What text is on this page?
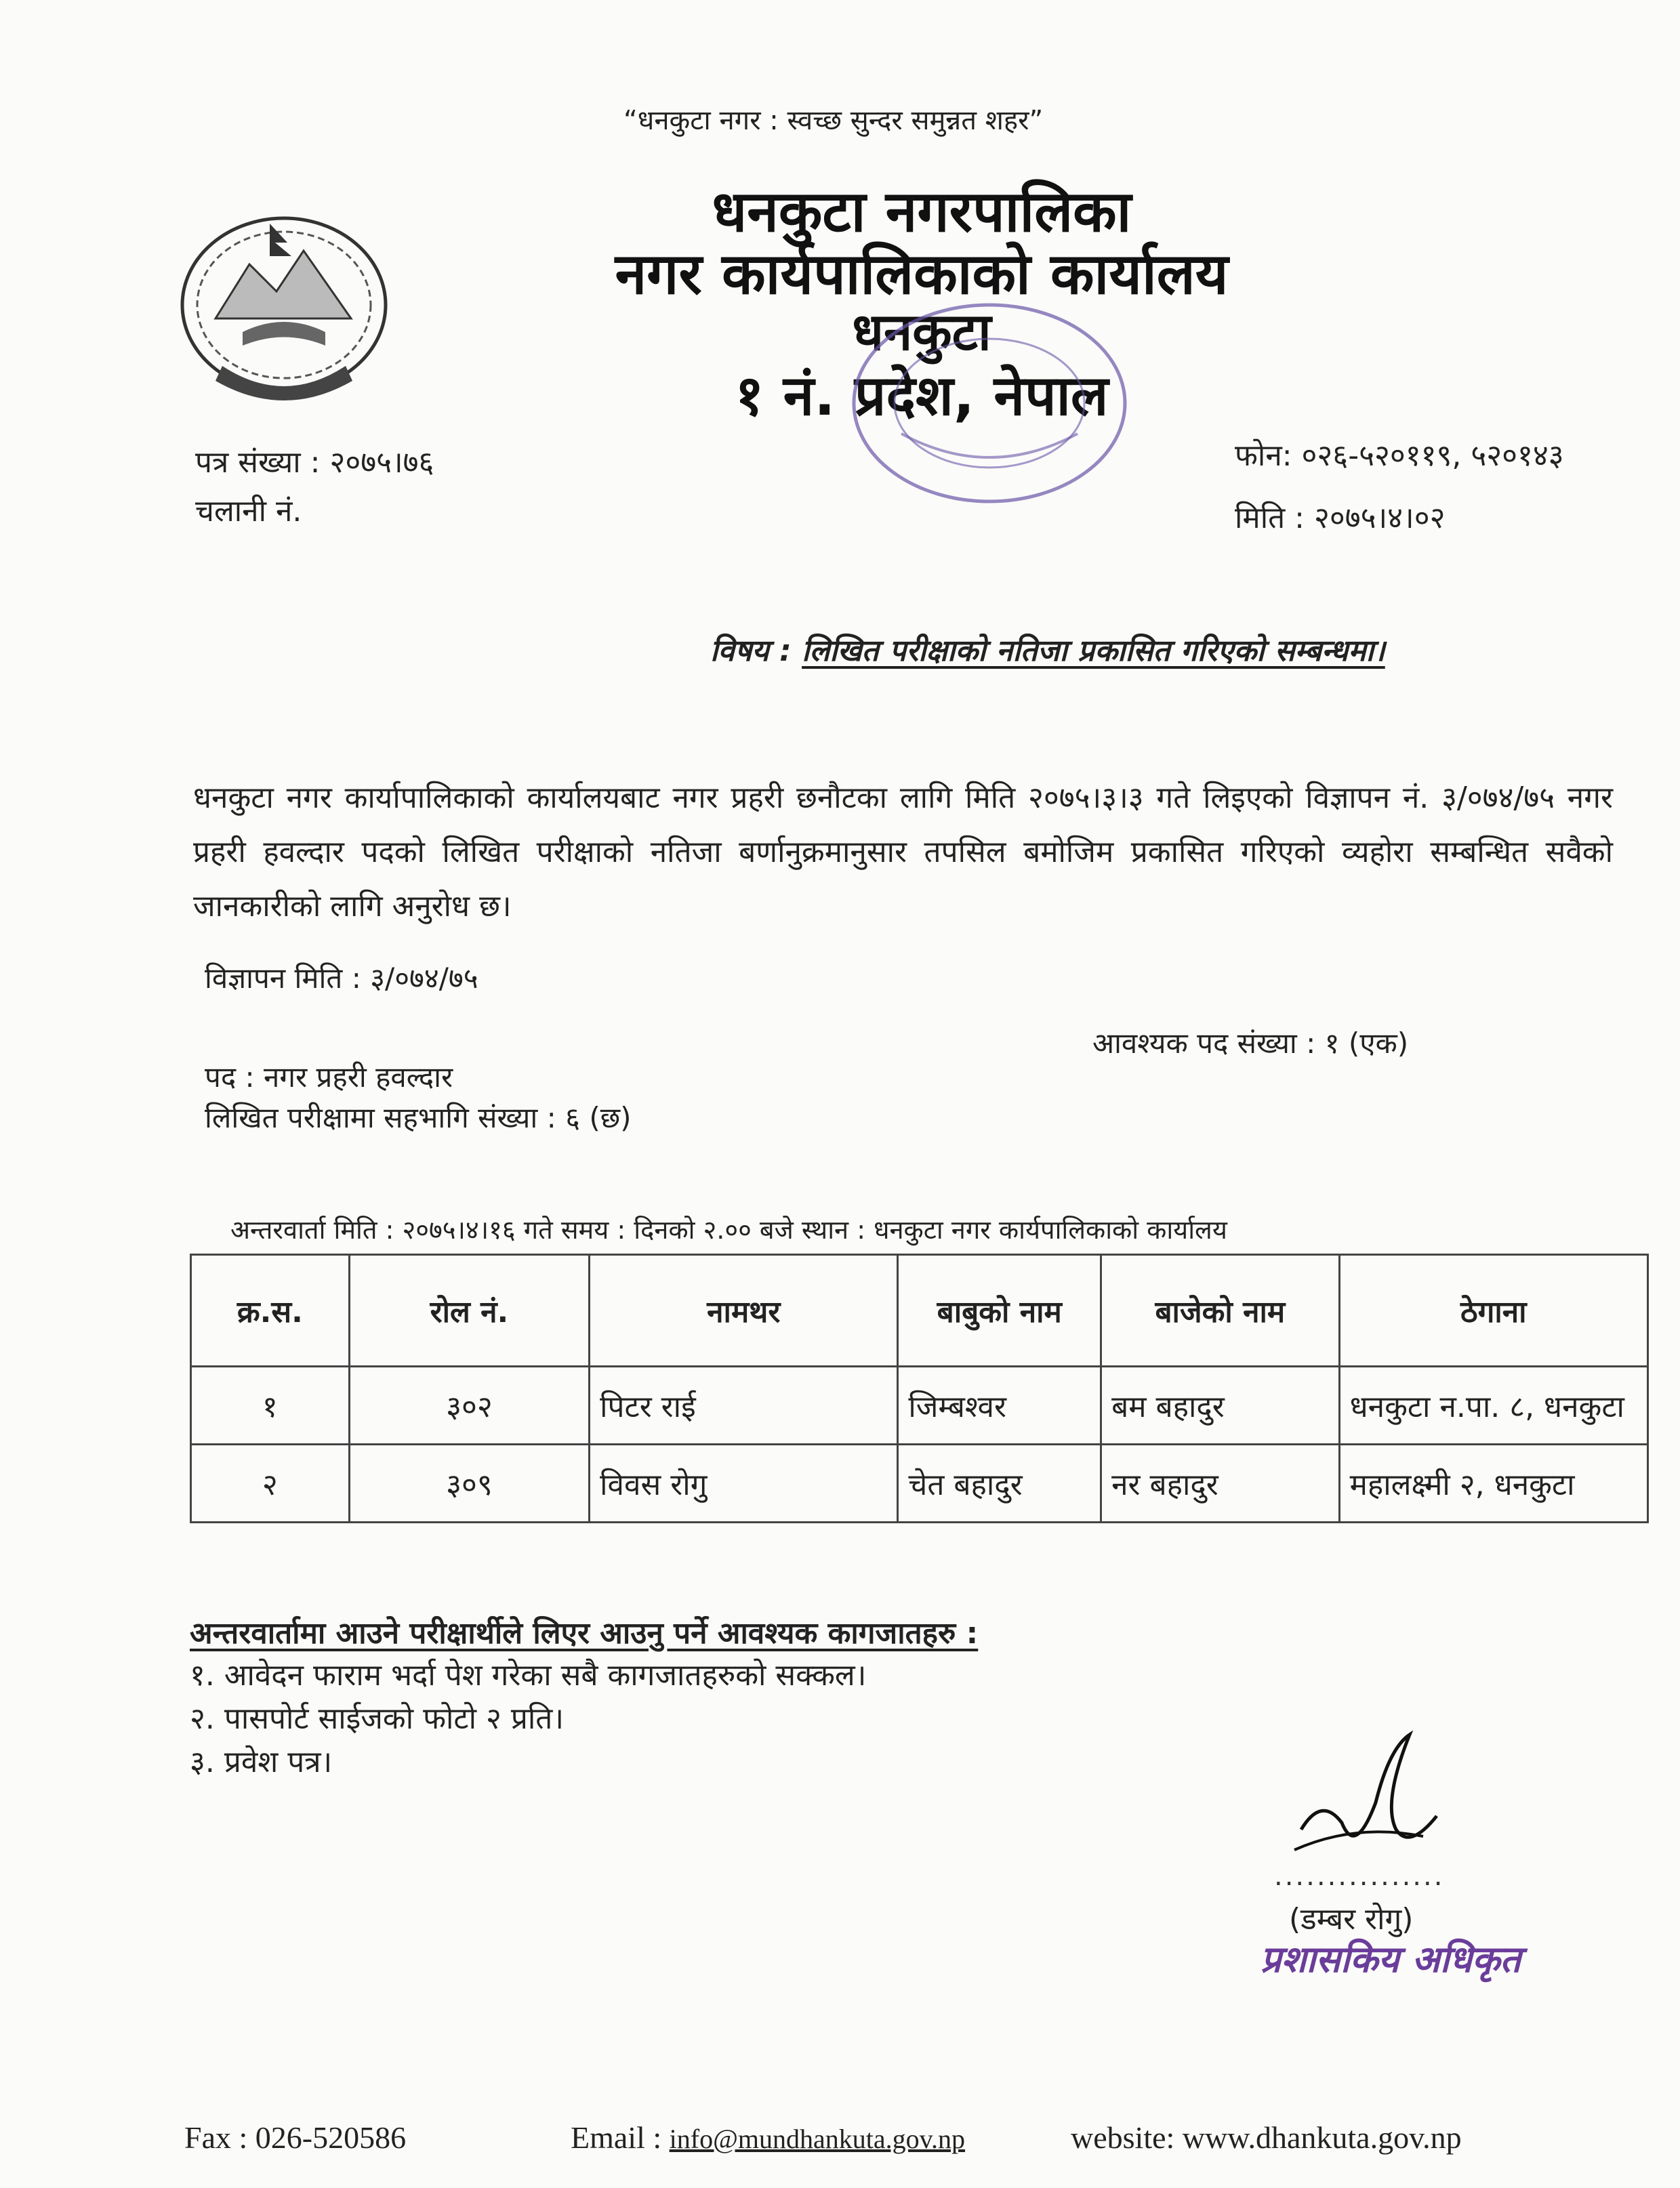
“धनकुटा नगर : स्वच्छ सुन्दर समुन्नत शहर”
धनकुटा नगरपालिका
नगर कार्यपालिकाको कार्यालय
धनकुटा
१ नं. प्रदेश, नेपाल
पत्र संख्या : २०७५।७६
चलानी नं.
फोन: ०२६-५२०११९, ५२०१४३
मिति : २०७५।४।०२
विषय : लिखित परीक्षाको नतिजा प्रकासित गरिएको सम्बन्धमा।
धनकुटा नगर कार्यापालिकाको कार्यालयबाट नगर प्रहरी छनौटका लागि मिति २०७५।३।३ गते लिइएको विज्ञापन नं. ३/०७४/७५ नगर प्रहरी हवल्दार पदको लिखित परीक्षाको नतिजा बर्णानुक्रमानुसार तपसिल बमोजिम प्रकासित गरिएको व्यहोरा सम्बन्धित सवैको जानकारीको लागि अनुरोध छ।
विज्ञापन मिति : ३/०७४/७५
आवश्यक पद संख्या : १ (एक)
पद : नगर प्रहरी हवल्दार
लिखित परीक्षामा सहभागि संख्या : ६ (छ)
अन्तरवार्ता मिति : २०७५।४।१६ गते समय : दिनको २.०० बजे स्थान : धनकुटा नगर कार्यपालिकाको कार्यालय
क्र.स.	रोल नं.	नामथर	बाबुको नाम	बाजेको नाम	ठेगाना
१	३०२	पिटर राई	जिम्बश्वर	बम बहादुर	धनकुटा न.पा. ८, धनकुटा
२	३०९	विवस रोगु	चेत बहादुर	नर बहादुर	महालक्ष्मी २, धनकुटा
अन्तरवार्तामा आउने परीक्षार्थीले लिएर आउनु पर्ने आवश्यक कागजातहरु :
१. आवेदन फाराम भर्दा पेश गरेका सबै कागजातहरुको सक्कल।
२. पासपोर्ट साईजको फोटो २ प्रति।
३. प्रवेश पत्र।
................
(डम्बर रोगु)
प्रशासकिय अधिकृत
Fax : 026-520586	Email : info@mundhankuta.gov.np	website: www.dhankuta.gov.np
